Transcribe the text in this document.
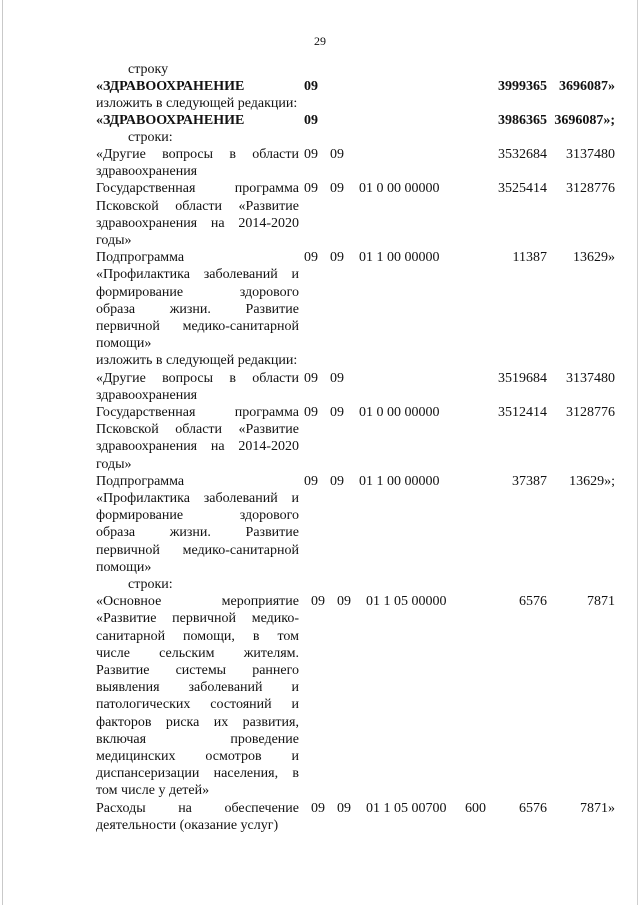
29
строку
«ЗДРАВООХРАНЕНИЕ	09	3999365 3696087»
изложить в следующей редакции:
«ЗДРАВООХРАНЕНИЕ	09	3986365 3696087»;
строки:
«Другие вопросы в области
здравоохранения
09 09	3532684	3137480
Государственная программа
Псковской области «Развитие
здравоохранения на 2014-2020
годы»
09 09 01 0 00 00000	3525414	3128776
Подпрограмма
«Профилактика заболеваний и
формирование здорового
образа жизни. Развитие
первичной медико-санитарной
помощи»
09 09 01 1 00 00000	11387	13629»
изложить в следующей редакции:
«Другие вопросы в области
здравоохранения
09 09	3519684	3137480
Государственная программа
Псковской области «Развитие
здравоохранения на 2014-2020
годы»
09 09 01 0 00 00000	3512414	3128776
Подпрограмма
«Профилактика заболеваний и
формирование здорового
образа жизни. Развитие
первичной медико-санитарной
помощи»
09 09 01 1 00 00000	37387	13629»;
строки:
«Основное мероприятие
«Развитие первичной медико-
санитарной помощи, в том
числе сельским жителям.
Развитие системы раннего
выявления заболеваний и
патологических состояний и
факторов риска их развития,
включая проведение
медицинских осмотров и
диспансеризации населения, в
том числе у детей»
09 09 01 1 05 00000	6576	7871
Расходы на обеспечение
деятельности (оказание услуг)
09 09 01 1 05 00700 600	6576	7871»
